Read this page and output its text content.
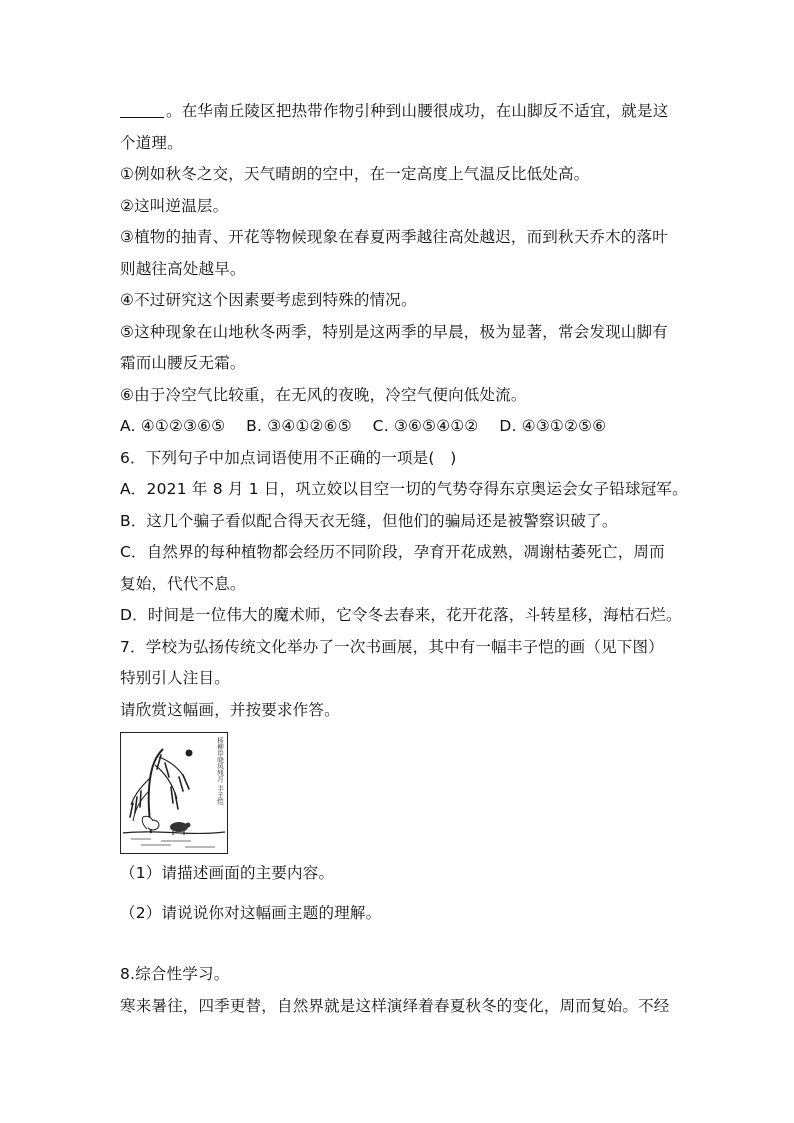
。在华南丘陵区把热带作物引种到山腰很成功，在山脚反不适宜，就是这
个道理。
①例如秋冬之交，天气晴朗的空中，在一定高度上气温反比低处高。
②这叫逆温层。
③植物的抽青、开花等物候现象在春夏两季越往高处越迟，而到秋天乔木的落叶
则越往高处越早。
④不过研究这个因素要考虑到特殊的情况。
⑤这种现象在山地秋冬两季，特别是这两季的早晨，极为显著，常会发现山脚有
霜而山腰反无霜。
⑥由于冷空气比较重，在无风的夜晚，冷空气便向低处流。
A. ④①②③⑥⑤　 B. ③④①②⑥⑤　 C. ③⑥⑤④①②　 D. ④③①②⑤⑥
6．下列句子中加点词语使用不正确的一项是(　)
A．2021 年 8 月 1 日，巩立姣以目空一切的气势夺得东京奥运会女子铅球冠军。
B．这几个骗子看似配合得天衣无缝，但他们的骗局还是被警察识破了。
C．自然界的每种植物都会经历不同阶段，孕育开花成熟，凋谢枯萎死亡，周而
复始，代代不息。
D．时间是一位伟大的魔术师，它令冬去春来，花开花落，斗转星移，海枯石烂。
7．学校为弘扬传统文化举办了一次书画展，其中有一幅丰子恺的画（见下图）
特别引人注目。
请欣赏这幅画，并按要求作答。
杨柳岸晓风残月 丰子恺
（1）请描述画面的主要内容。
（2）请说说你对这幅画主题的理解。
8.综合性学习。
寒来暑往，四季更替，自然界就是这样演绎着春夏秋冬的变化，周而复始。不经
